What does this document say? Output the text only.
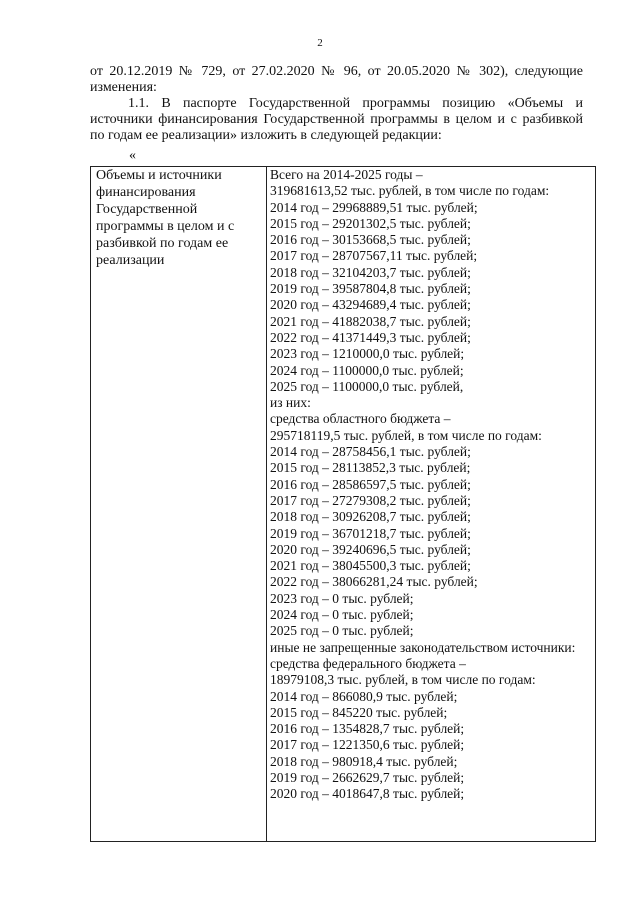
2

от 20.12.2019 № 729, от 27.02.2020 № 96, от 20.05.2020 № 302), следующие изменения:

1.1. В паспорте Государственной программы позицию «Объемы и источники финансирования Государственной программы в целом и с разбивкой по годам ее реализации» изложить в следующей редакции:

«
Объемы и источники финансирования Государственной программы в целом и с разбивкой по годам ее реализации
Всего на 2014-2025 годы –
319681613,52 тыс. рублей, в том числе по годам:
2014 год – 29968889,51 тыс. рублей;
2015 год – 29201302,5 тыс. рублей;
2016 год – 30153668,5 тыс. рублей;
2017 год – 28707567,11 тыс. рублей;
2018 год – 32104203,7 тыс. рублей;
2019 год – 39587804,8 тыс. рублей;
2020 год – 43294689,4 тыс. рублей;
2021 год – 41882038,7 тыс. рублей;
2022 год – 41371449,3 тыс. рублей;
2023 год – 1210000,0 тыс. рублей;
2024 год – 1100000,0 тыс. рублей;
2025 год – 1100000,0 тыс. рублей,
из них:
средства областного бюджета –
295718119,5 тыс. рублей, в том числе по годам:
2014 год – 28758456,1 тыс. рублей;
2015 год – 28113852,3 тыс. рублей;
2016 год – 28586597,5 тыс. рублей;
2017 год – 27279308,2 тыс. рублей;
2018 год – 30926208,7 тыс. рублей;
2019 год – 36701218,7 тыс. рублей;
2020 год – 39240696,5 тыс. рублей;
2021 год – 38045500,3 тыс. рублей;
2022 год – 38066281,24 тыс. рублей;
2023 год – 0 тыс. рублей;
2024 год – 0 тыс. рублей;
2025 год – 0 тыс. рублей;
иные не запрещенные законодательством источники:
средства федерального бюджета –
18979108,3 тыс. рублей, в том числе по годам:
2014 год – 866080,9 тыс. рублей;
2015 год – 845220 тыс. рублей;
2016 год – 1354828,7 тыс. рублей;
2017 год – 1221350,6 тыс. рублей;
2018 год – 980918,4 тыс. рублей;
2019 год – 2662629,7 тыс. рублей;
2020 год – 4018647,8 тыс. рублей;
